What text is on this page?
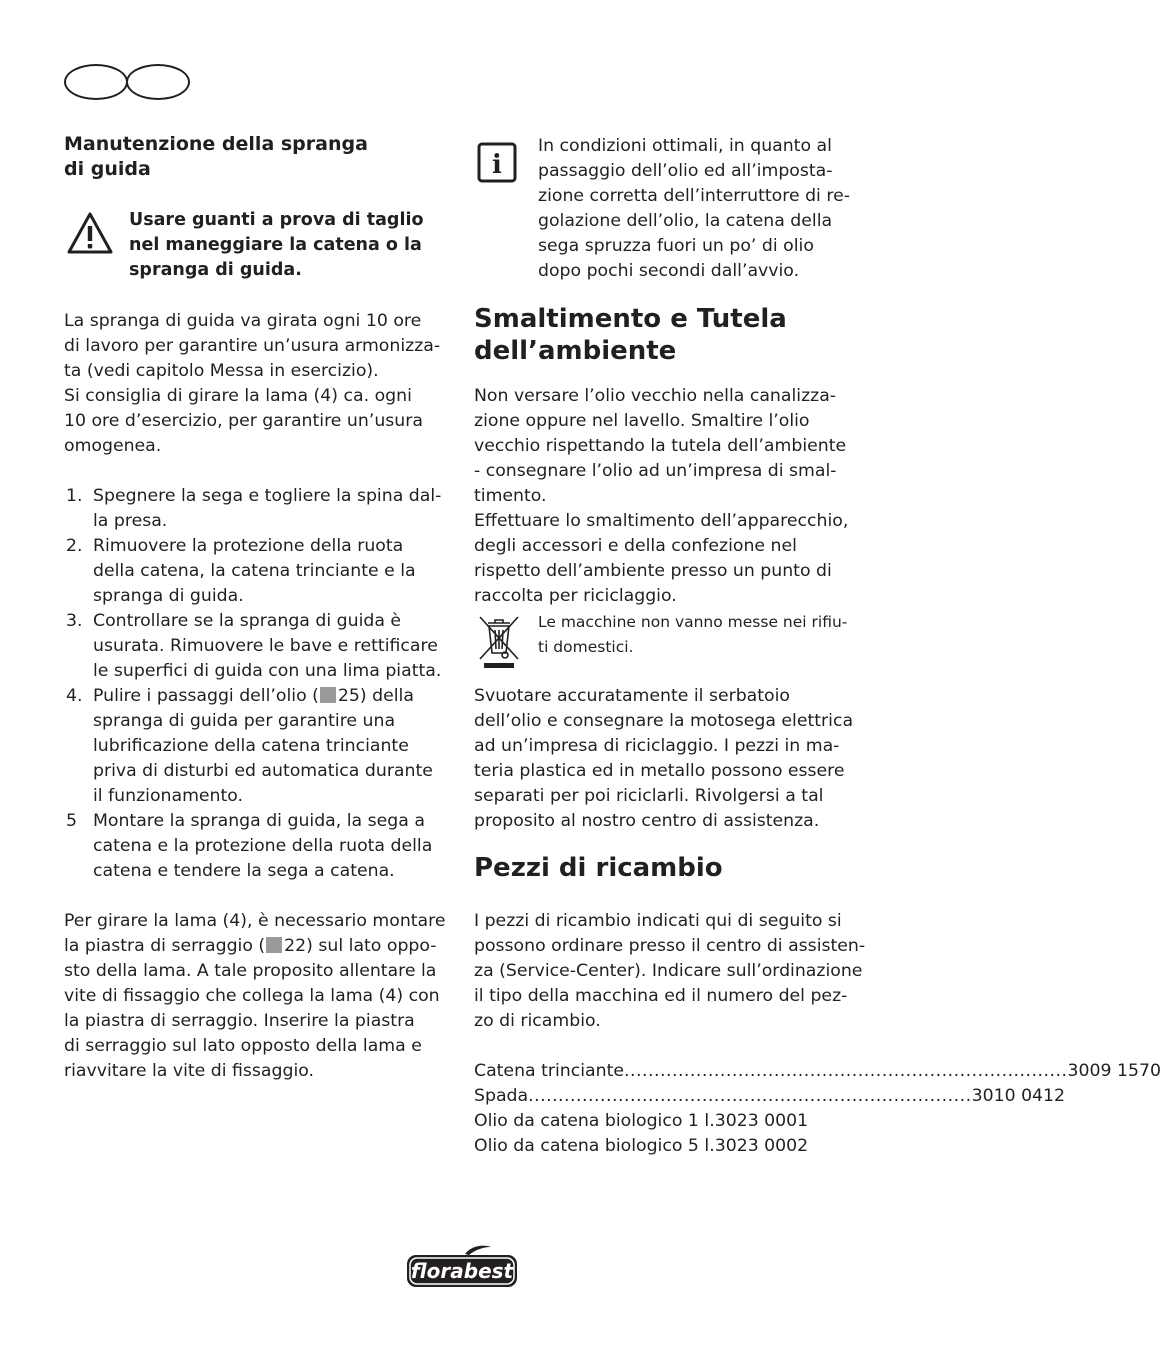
Manutenzione della spranga
di guida
Usare guanti a prova di taglio
nel maneggiare la catena o la
spranga di guida.
La spranga di guida va girata ogni 10 ore
di lavoro per garantire un’usura armonizza-
ta (vedi capitolo Messa in esercizio).
Si consiglia di girare la lama (4) ca. ogni
10 ore d’esercizio, per garantire un’usura
omogenea.
1. Spegnere la sega e togliere la spina dal-
la presa.
2. Rimuovere la protezione della ruota
della catena, la catena trinciante e la
spranga di guida.
3. Controllare se la spranga di guida è
usurata. Rimuovere le bave e rettificare
le superfici di guida con una lima piatta.
4. Pulire i passaggi dell’olio ( 25) della
spranga di guida per garantire una
lubrificazione della catena trinciante
priva di disturbi ed automatica durante
il funzionamento.
5 Montare la spranga di guida, la sega a
catena e la protezione della ruota della
catena e tendere la sega a catena.
Per girare la lama (4), è necessario montare
la piastra di serraggio ( 22) sul lato oppo-
sto della lama. A tale proposito allentare la
vite di fissaggio che collega la lama (4) con
la piastra di serraggio. Inserire la piastra
di serraggio sul lato opposto della lama e
riavvitare la vite di fissaggio.
i
In condizioni ottimali, in quanto al
passaggio dell’olio ed all’imposta-
zione corretta dell’interruttore di re-
golazione dell’olio, la catena della
sega spruzza fuori un po’ di olio
dopo pochi secondi dall’avvio.
Smaltimento e Tutela
dell’ambiente
Non versare l’olio vecchio nella canalizza-
zione oppure nel lavello. Smaltire l’olio
vecchio rispettando la tutela dell’ambiente
- consegnare l’olio ad un’impresa di smal-
timento.
Effettuare lo smaltimento dell’apparecchio,
degli accessori e della confezione nel
rispetto dell’ambiente presso un punto di
raccolta per riciclaggio.
Le macchine non vanno messe nei rifiu-
ti domestici.
Svuotare accuratamente il serbatoio
dell’olio e consegnare la motosega elettrica
ad un’impresa di riciclaggio. I pezzi in ma-
teria plastica ed in metallo possono essere
separati per poi riciclarli. Rivolgersi a tal
proposito al nostro centro di assistenza.
Pezzi di ricambio
I pezzi di ricambio indicati qui di seguito si
possono ordinare presso il centro di assisten-
za (Service-Center). Indicare sull’ordinazione
il tipo della macchina ed il numero del pez-
zo di ricambio.
Catena trinciante .......................................................................... 3009 1570
Spada .......................................................................... 3010 0412
Olio da catena biologico 1 l .3023 0001
Olio da catena biologico 5 l .3023 0002
florabest
